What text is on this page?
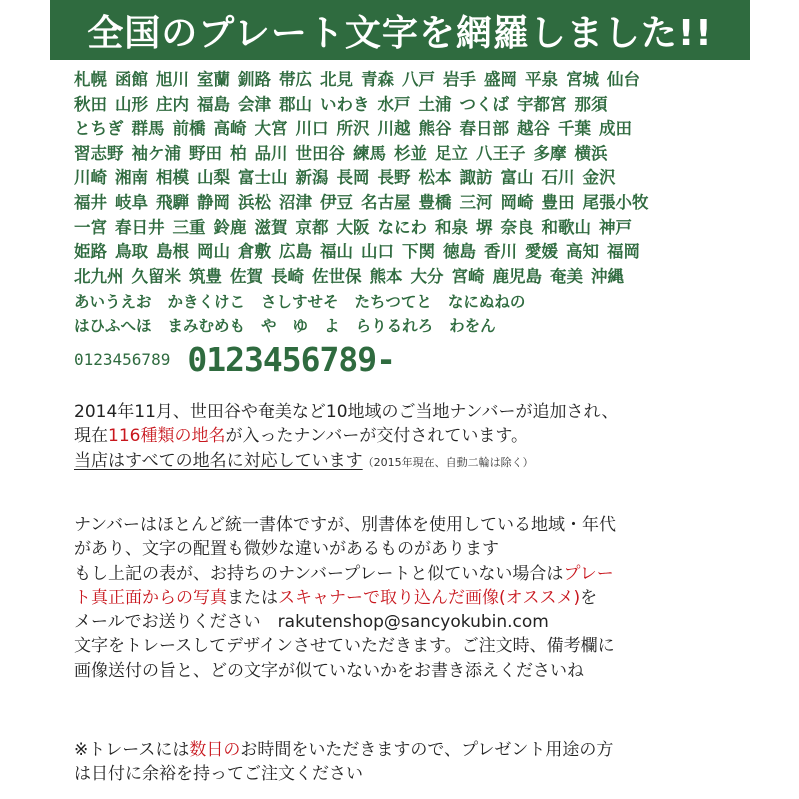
全国のプレート文字を網羅しました!!
札幌 函館 旭川 室蘭 釧路 帯広 北見 青森 八戸 岩手 盛岡 平泉 宮城 仙台
秋田 山形 庄内 福島 会津 郡山 いわき 水戸 土浦 つくば 宇都宮 那須
とちぎ 群馬 前橋 高崎 大宮 川口 所沢 川越 熊谷 春日部 越谷 千葉 成田
習志野 袖ケ浦 野田 柏 品川 世田谷 練馬 杉並 足立 八王子 多摩 横浜
川崎 湘南 相模 山梨 富士山 新潟 長岡 長野 松本 諏訪 富山 石川 金沢
福井 岐阜 飛騨 静岡 浜松 沼津 伊豆 名古屋 豊橋 三河 岡崎 豊田 尾張小牧
一宮 春日井 三重 鈴鹿 滋賀 京都 大阪 なにわ 和泉 堺 奈良 和歌山 神戸
姫路 鳥取 島根 岡山 倉敷 広島 福山 山口 下関 徳島 香川 愛媛 高知 福岡
北九州 久留米 筑豊 佐賀 長崎 佐世保 熊本 大分 宮崎 鹿児島 奄美 沖縄
あいうえお かきくけこ さしすせそ たちつてと なにぬねの
はひふへほ まみむめも や ゆ よ らりるれろ わをん
0123456789 0123456789-
2014年11月、世田谷や奄美など10地域のご当地ナンバーが追加され、
現在116種類の地名が入ったナンバーが交付されています。
当店はすべての地名に対応しています（2015年現在、自動二輪は除く）
ナンバーはほとんど統一書体ですが、別書体を使用している地域・年代
があり、文字の配置も微妙な違いがあるものがあります
もし上記の表が、お持ちのナンバープレートと似ていない場合はプレー
ト真正面からの写真またはスキャナーで取り込んだ画像(オススメ)を
メールでお送りください　rakutenshop@sancyokubin.com
文字をトレースしてデザインさせていただきます。ご注文時、備考欄に
画像送付の旨と、どの文字が似ていないかをお書き添えくださいね
※トレースには数日のお時間をいただきますので、プレゼント用途の方
は日付に余裕を持ってご注文ください
